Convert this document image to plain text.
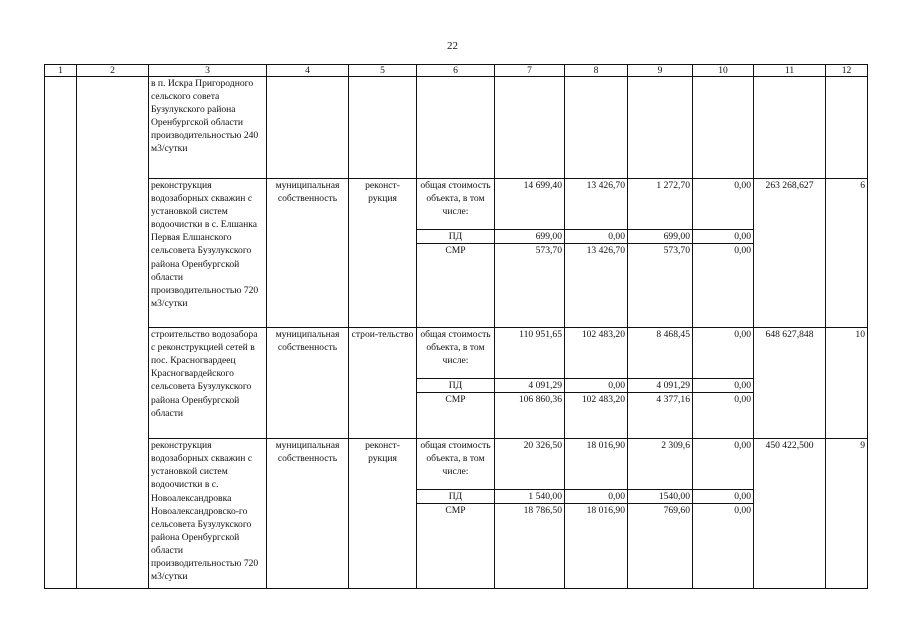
22
1	2	3	4	5	6	7	8	9	10	11	12
		в п. Искра Пригородного сельского совета Бузулукского района Оренбургской области производительностью 240 м3/сутки									
		реконструкция водозаборных скважин с установкой систем водоочистки в с. Елшанка Первая Елшанского сельсовета Бузулукского района Оренбургской области производительностью 720 м3/сутки	муниципальная собственность	реконст-рукция	общая стоимость объекта, в том числе:	14 699,40	13 426,70	1 272,70	0,00	263 268,627	6
					ПД	699,00	0,00	699,00	0,00		
					СМР	573,70	13 426,70	573,70	0,00		
		строительство водозабора с реконструкцией сетей в пос. Красногвардеец Красногвардейского сельсовета Бузулукского района Оренбургской области	муниципальная собственность	строи-тельство	общая стоимость объекта, в том числе:	110 951,65	102 483,20	8 468,45	0,00	648 627,848	10
					ПД	4 091,29	0,00	4 091,29	0,00		
					СМР	106 860,36	102 483,20	4 377,16	0,00		
		реконструкция водозаборных скважин с установкой систем водоочистки в с. Новоалександровка Новоалександровско-го сельсовета Бузулукского района Оренбургской области производительностью 720 м3/сутки	муниципальная собственность	реконст-рукция	общая стоимость объекта, в том числе:	20 326,50	18 016,90	2 309,6	0,00	450 422,500	9
					ПД	1 540,00	0,00	1540,00	0,00		
					СМР	18 786,50	18 016,90	769,60	0,00		
